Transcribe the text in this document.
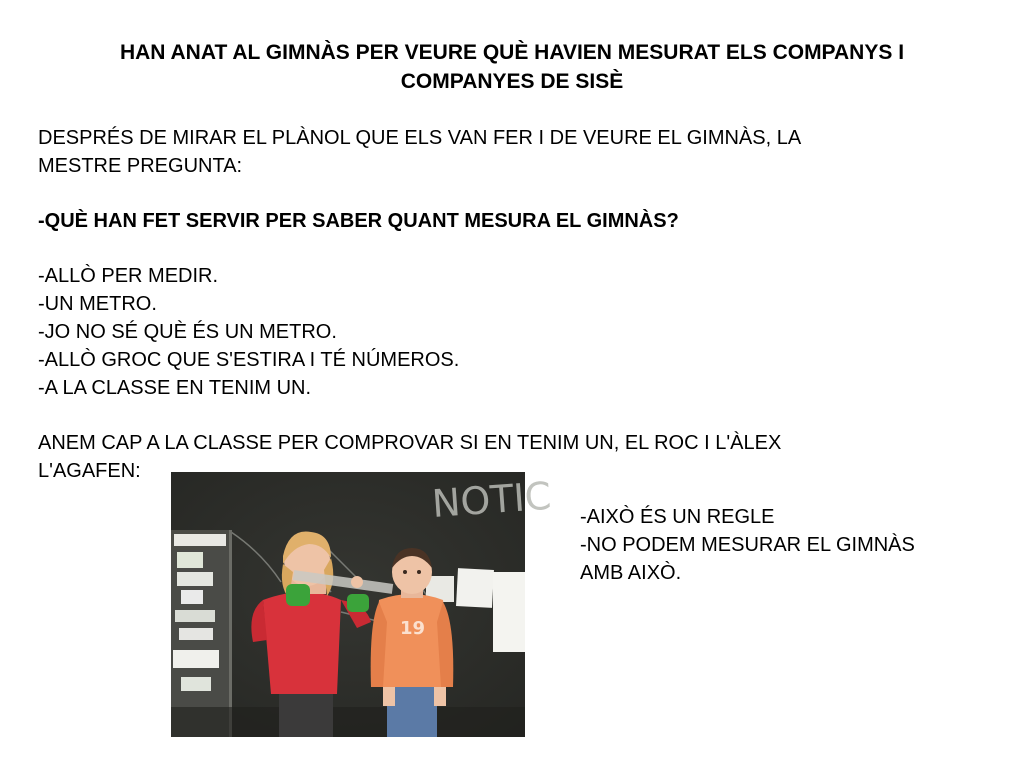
HAN ANAT AL GIMNÀS PER VEURE QUÈ HAVIEN MESURAT ELS COMPANYS I
COMPANYES DE SISÈ

DESPRÉS DE MIRAR EL PLÀNOL QUE ELS VAN FER I DE VEURE EL GIMNÀS, LA

MESTRE PREGUNTA:

-QUÈ HAN FET SERVIR PER SABER QUANT MESURA EL GIMNÀS?

-ALLÒ PER MEDIR.

-UN METRO.

-JO NO SÉ QUÈ ÉS UN METRO.

-ALLÒ GROC QUE S'ESTIRA I TÉ NÚMEROS.

-A LA CLASSE EN TENIM UN.

ANEM CAP A LA CLASSE PER COMPROVAR SI EN TENIM UN, EL ROC I L'ÀLEX

L'AGAFEN:

NOTIC
19

-AIXÒ ÉS UN REGLE

-NO PODEM MESURAR EL GIMNÀS

AMB AIXÒ.
